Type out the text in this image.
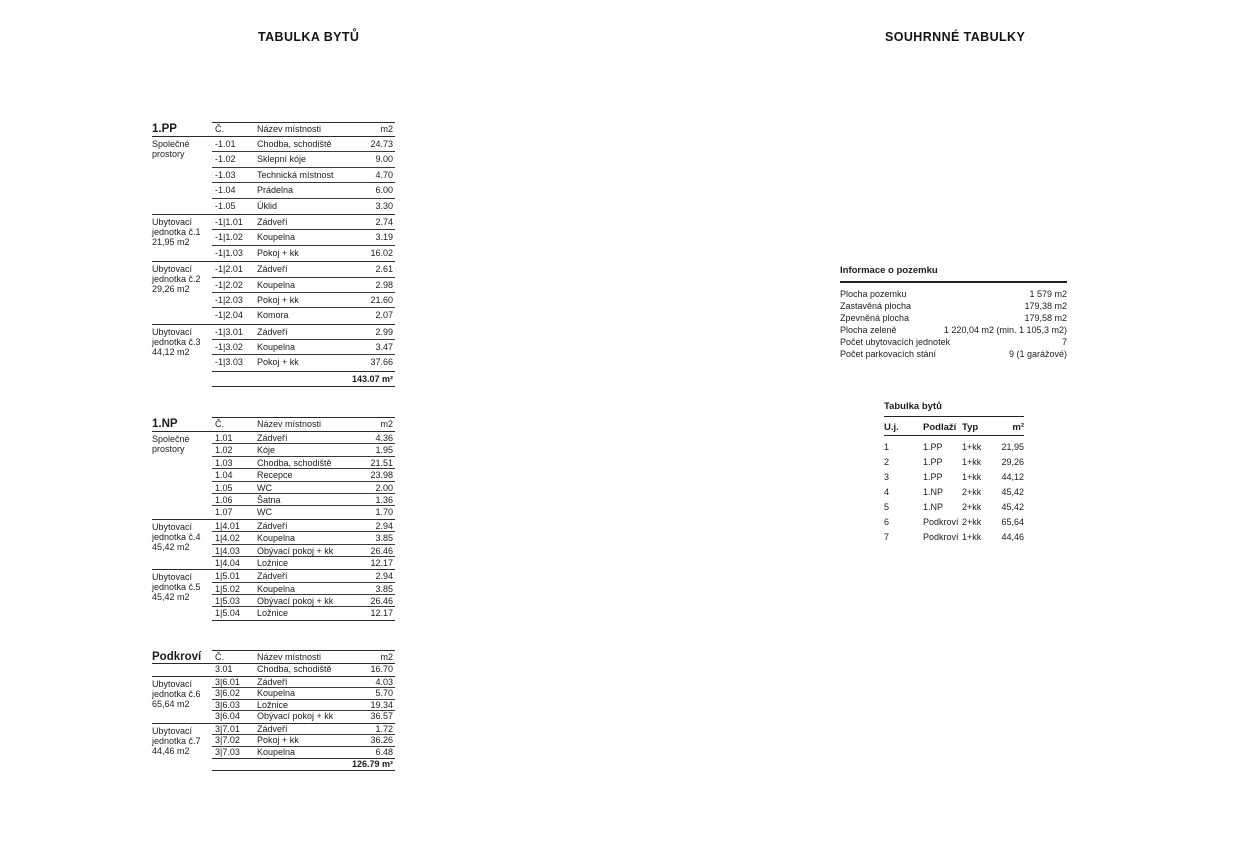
TABULKA BYTŮ	SOUHRNNÉ TABULKY
1.PP	Č.	Název místnosti	m2
Společné
prostory
-1.01	Chodba, schodiště	24.73
-1.02	Sklepní kóje	9.00
-1.03	Technická místnost	4.70
-1.04	Prádelna	6.00
-1.05	Úklid	3.30
Ubytovací
jednotka č.1
21,95 m2
-1|1.01	Zádveří	2.74
-1|1.02	Koupelna	3.19
-1|1.03	Pokoj + kk	16.02
Ubytovací
jednotka č.2
29,26 m2
-1|2.01	Zádveří	2.61
-1|2.02	Koupelna	2.98
-1|2.03	Pokoj + kk	21.60
-1|2.04	Komora	2.07
Ubytovací
jednotka č.3
44,12 m2
-1|3.01	Zádveří	2.99
-1|3.02	Koupelna	3.47
-1|3.03	Pokoj + kk	37.66
143.07 m²
1.NP	Č.	Název místnosti	m2
Společné
prostory
1.01	Zádveří	4.36
1.02	Kóje	1.95
1.03	Chodba, schodiště	21.51
1.04	Recepce	23.98
1.05	WC	2.00
1.06	Šatna	1.36
1.07	WC	1.70
Ubytovací
jednotka č.4
45,42 m2
1|4.01	Zádveří	2.94
1|4.02	Koupelna	3.85
1|4.03	Obývací pokoj + kk	26.46
1|4.04	Ložnice	12.17
Ubytovací
jednotka č.5
45,42 m2
1|5.01	Zádveří	2.94
1|5.02	Koupelna	3.85
1|5.03	Obývací pokoj + kk	26.46
1|5.04	Ložnice	12.17
Podkroví	Č.	Název místnosti	m2
3.01	Chodba, schodiště	16.70
Ubytovací
jednotka č.6
65,64 m2
3|6.01	Zádveří	4.03
3|6.02	Koupelna	5.70
3|6.03	Ložnice	19.34
3|6.04	Obývací pokoj + kk	36.57
Ubytovací
jednotka č.7
44,46 m2
3|7.01	Zádveří	1.72
3|7.02	Pokoj + kk	36.26
3|7.03	Koupelna	6.48
126.79 m²
Informace o pozemku
Plocha pozemku	1 579 m2
Zastavěná plocha	179,38 m2
Zpevněná plocha	179,58 m2
Plocha zeleně	1 220,04 m2 (min. 1 105,3 m2)
Počet ubytovacích jednotek	7
Počet parkovacích stání	9 (1 garážové)
Tabulka bytů
U.j.	Podlaží Typ	m²
1	1.PP	1+kk	21,95
2	1.PP	1+kk	29,26
3	1.PP	1+kk	44,12
4	1.NP	2+kk	45,42
5	1.NP	2+kk	45,42
6	Podkroví 2+kk	65,64
7	Podkroví 1+kk	44,46
